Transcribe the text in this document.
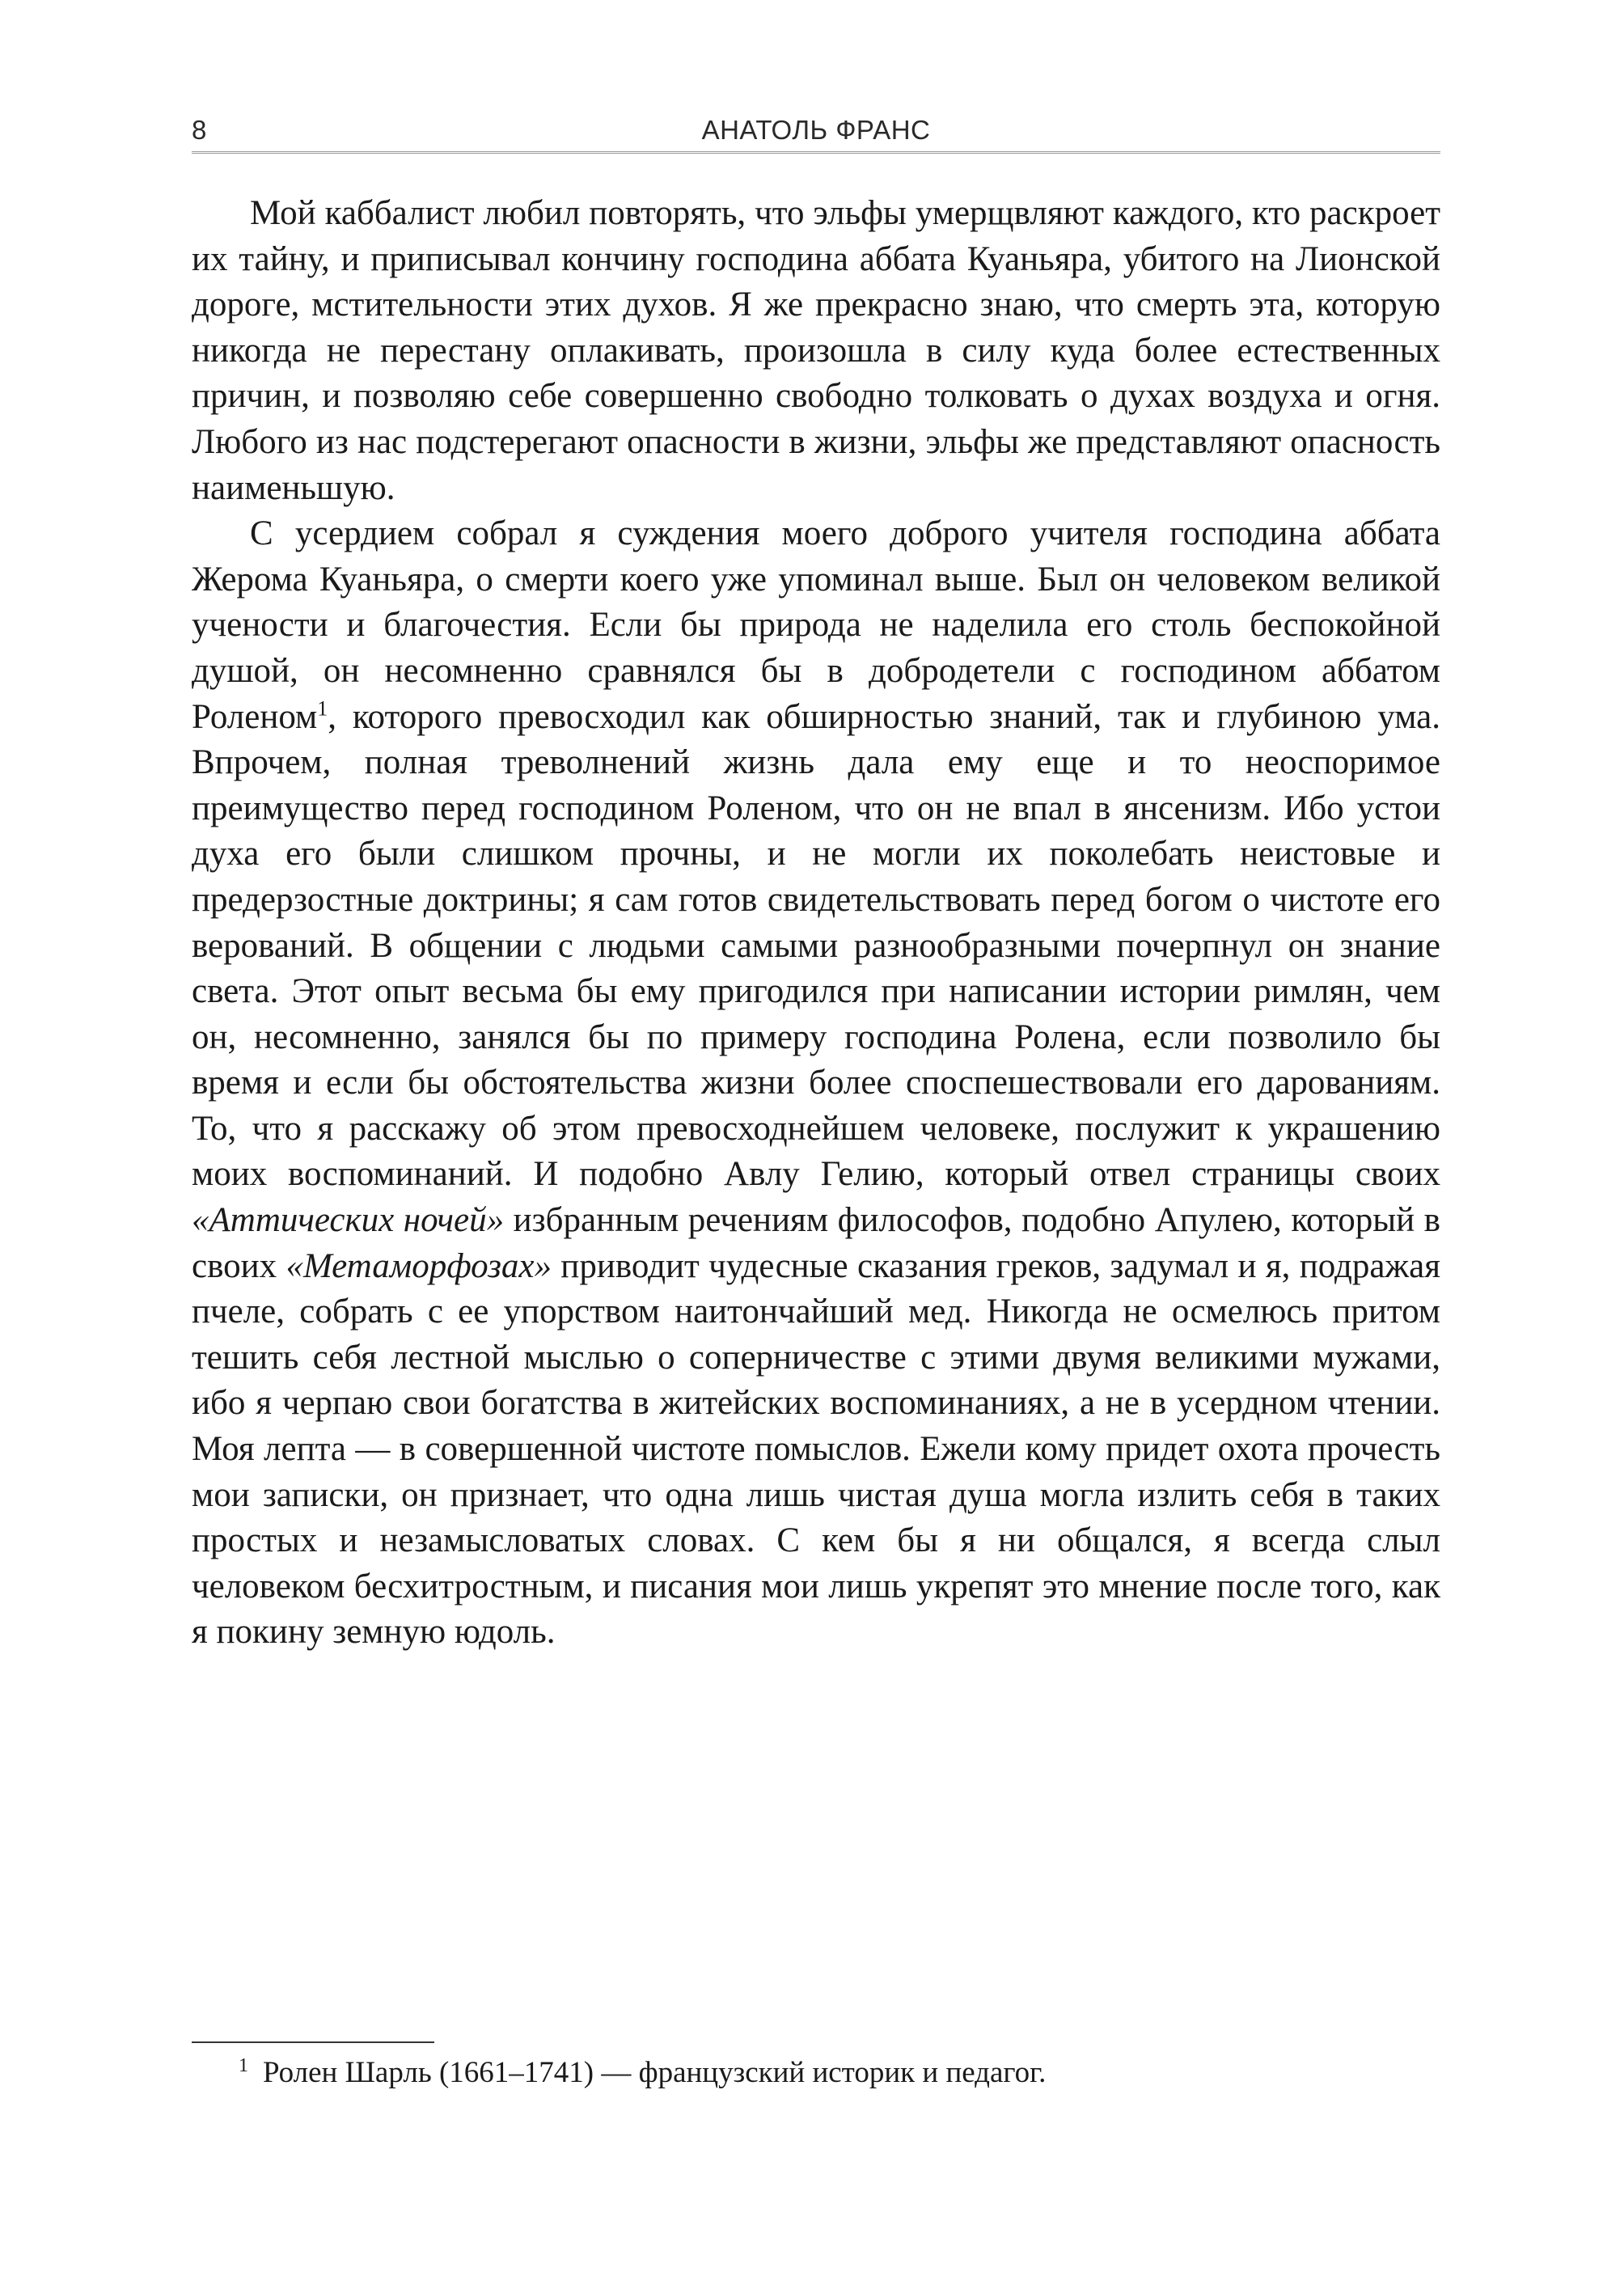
8	АНАТОЛЬ ФРАНС

Мой каббалист любил повторять, что эльфы умерщвляют каждого, кто раскроет их тайну, и приписывал кончину господина аббата Куаньяра, убитого на Лионской дороге, мстительности этих духов. Я же прекрасно знаю, что смерть эта, которую никогда не перестану оплакивать, произошла в силу куда более естественных причин, и позволяю себе совершенно свободно толковать о духах воздуха и огня. Любого из нас подстерегают опасности в жизни, эльфы же представляют опасность наименьшую.

С усердием собрал я суждения моего доброго учителя господина аббата Жерома Куаньяра, о смерти коего уже упоминал выше. Был он человеком великой учености и благочестия. Если бы природа не наделила его столь беспокойной душой, он несомненно сравнялся бы в добродетели с господином аббатом Роленом$^1$, которого превосходил как обширностью знаний, так и глубиною ума. Впрочем, полная треволнений жизнь дала ему еще и то неоспоримое преимущество перед господином Роленом, что он не впал в янсенизм. Ибо устои духа его были слишком прочны, и не могли их поколебать неистовые и предерзостные доктрины; я сам готов свидетельствовать перед богом о чистоте его верований. В общении с людьми самыми разнообразными почерпнул он знание света. Этот опыт весьма бы ему пригодился при написании истории римлян, чем он, несомненно, занялся бы по примеру господина Ролена, если позволило бы время и если бы обстоятельства жизни более споспешествовали его дарованиям. То, что я расскажу об этом превосходнейшем человеке, послужит к украшению моих воспоминаний. И подобно Авлу Гелию, который отвел страницы своих «Аттических ночей» избранным речениям философов, подобно Апулею, который в своих «Метаморфозах» приводит чудесные сказания греков, задумал и я, подражая пчеле, собрать с ее упорством наитончайший мед. Никогда не осмелюсь притом тешить себя лестной мыслью о соперничестве с этими двумя великими мужами, ибо я черпаю свои богатства в житейских воспоминаниях, а не в усердном чтении. Моя лепта — в совершенной чистоте помыслов. Ежели кому придет охота прочесть мои записки, он признает, что одна лишь чистая душа могла излить себя в таких простых и незамысловатых словах. С кем бы я ни общался, я всегда слыл человеком бесхитростным, и писания мои лишь укрепят это мнение после того, как я покину земную юдоль.

$^1$ Ролен Шарль (1661–1741) — французский историк и педагог.
